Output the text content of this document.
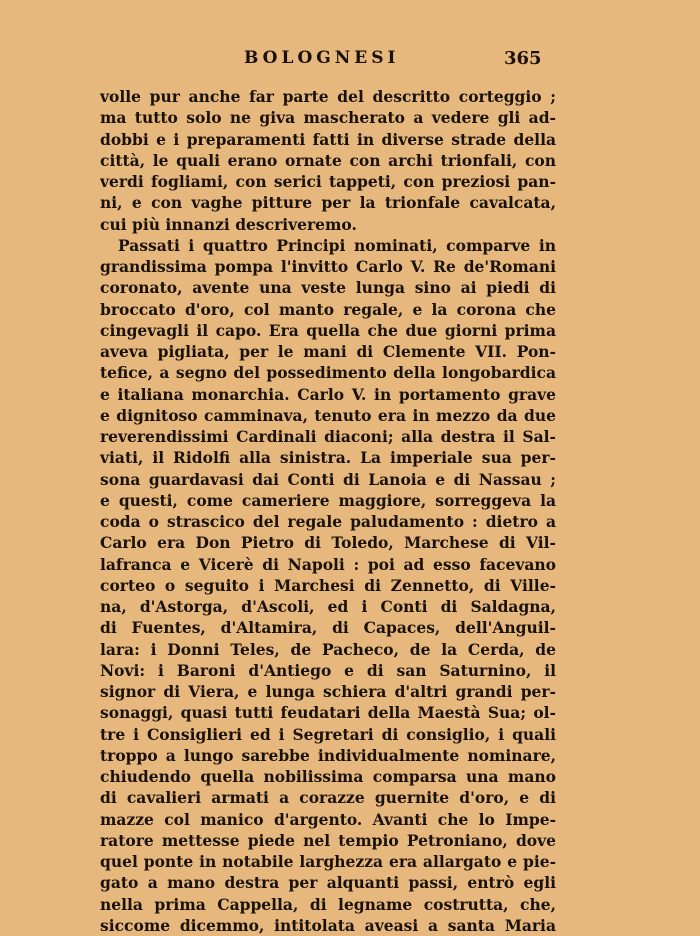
BOLOGNESI	365
volle pur anche far parte del descritto corteggio ;
ma tutto solo ne giva mascherato a vedere gli ad-
dobbi e i preparamenti fatti in diverse strade della
città, le quali erano ornate con archi trionfali, con
verdi fogliami, con serici tappeti, con preziosi pan-
ni, e con vaghe pitture per la trionfale cavalcata,
cui più innanzi descriveremo.
Passati i quattro Principi nominati, comparve in
grandissima pompa l'invitto Carlo V. Re de'Romani
coronato, avente una veste lunga sino ai piedi di
broccato d'oro, col manto regale, e la corona che
cingevagli il capo. Era quella che due giorni prima
aveva pigliata, per le mani di Clemente VII. Pon-
tefice, a segno del possedimento della longobardica
e italiana monarchia. Carlo V. in portamento grave
e dignitoso camminava, tenuto era in mezzo da due
reverendissimi Cardinali diaconi; alla destra il Sal-
viati, il Ridolfi alla sinistra. La imperiale sua per-
sona guardavasi dai Conti di Lanoia e di Nassau ;
e questi, come cameriere maggiore, sorreggeva la
coda o strascico del regale paludamento : dietro a
Carlo era Don Pietro di Toledo, Marchese di Vil-
lafranca e Vicerè di Napoli : poi ad esso facevano
corteo o seguito i Marchesi di Zennetto, di Ville-
na, d'Astorga, d'Ascoli, ed i Conti di Saldagna,
di Fuentes, d'Altamira, di Capaces, dell'Anguil-
lara: i Donni Teles, de Pacheco, de la Cerda, de
Novi: i Baroni d'Antiego e di san Saturnino, il
signor di Viera, e lunga schiera d'altri grandi per-
sonaggi, quasi tutti feudatari della Maestà Sua; ol-
tre i Consiglieri ed i Segretari di consiglio, i quali
troppo a lungo sarebbe individualmente nominare,
chiudendo quella nobilissima comparsa una mano
di cavalieri armati a corazze guernite d'oro, e di
mazze col manico d'argento. Avanti che lo Impe-
ratore mettesse piede nel tempio Petroniano, dove
quel ponte in notabile larghezza era allargato e pie-
gato a mano destra per alquanti passi, entrò egli
nella prima Cappella, di legname costrutta, che,
siccome dicemmo, intitolata aveasi a santa Maria
